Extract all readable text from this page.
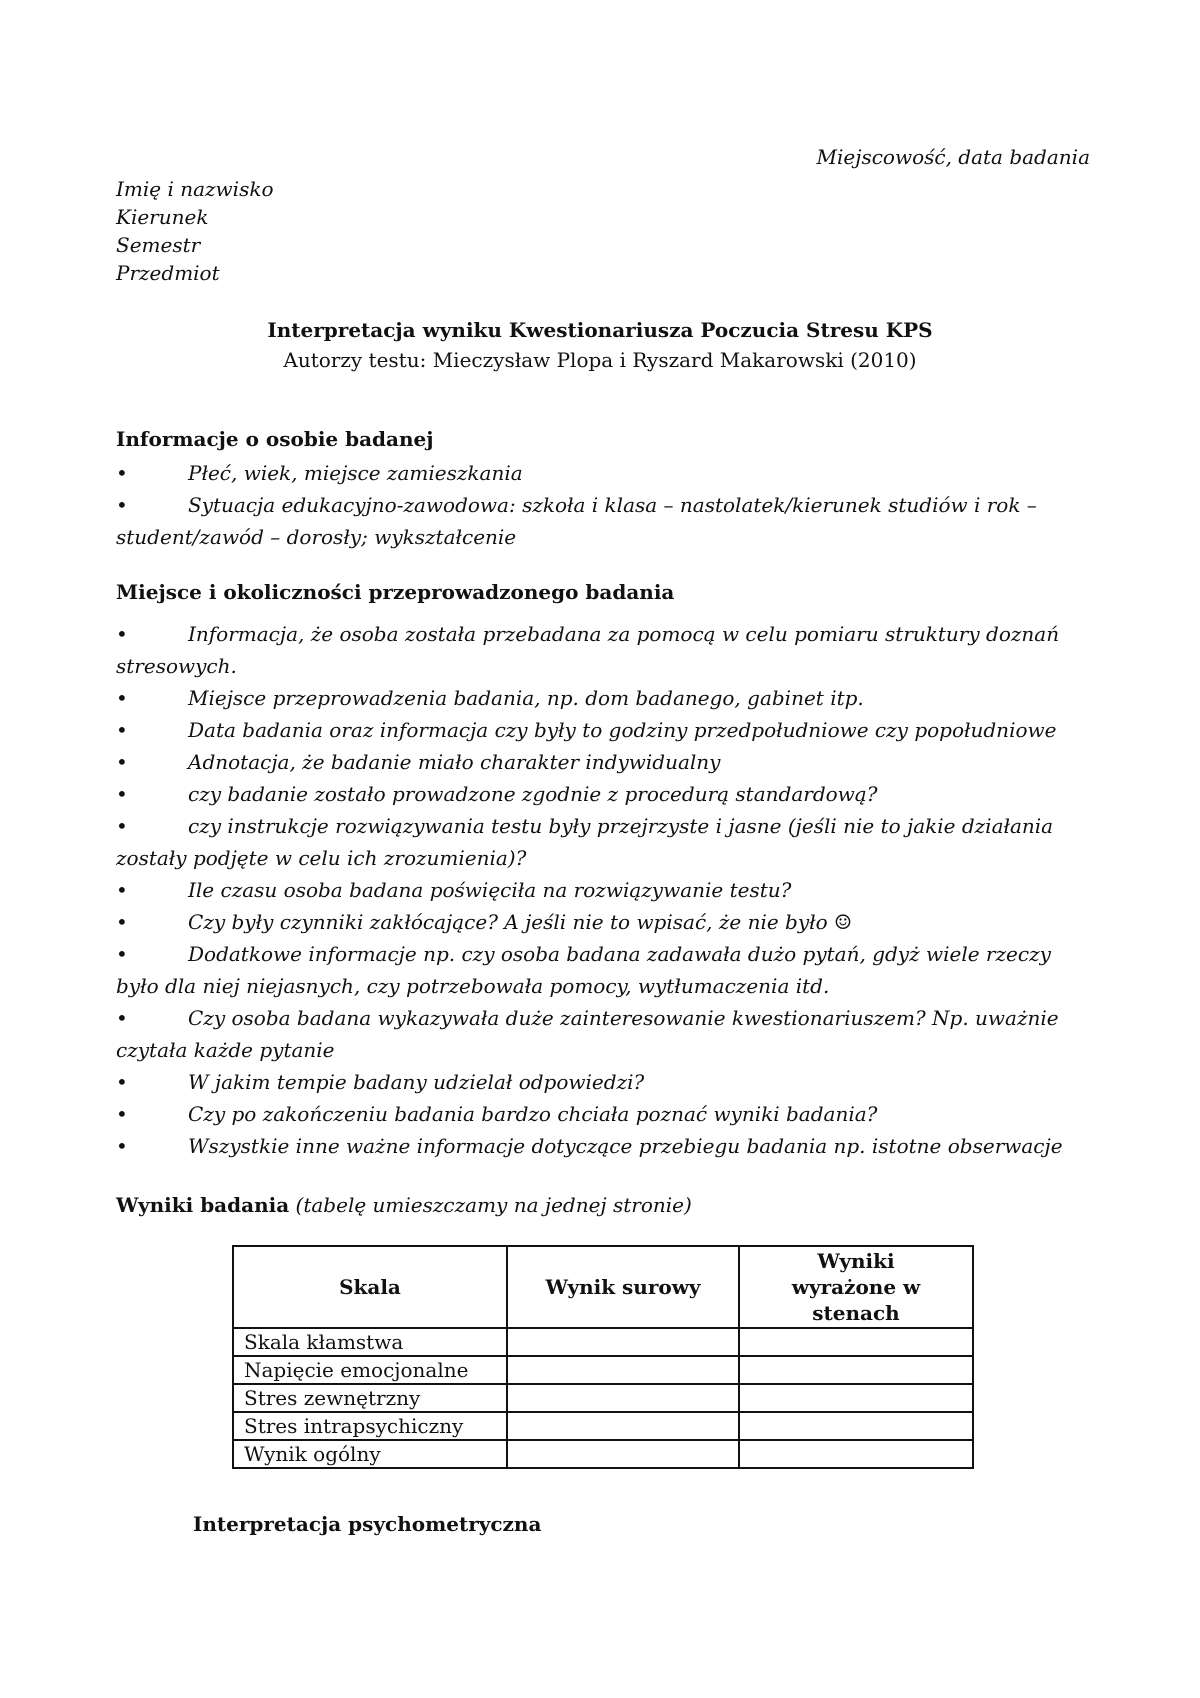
Miejscowość, data badania
Imię i nazwisko
Kierunek
Semestr
Przedmiot
Interpretacja wyniku Kwestionariusza Poczucia Stresu KPS
Autorzy testu: Mieczysław Plopa i Ryszard Makarowski (2010)
Informacje o osobie badanej
•	Płeć, wiek, miejsce zamieszkania
•	Sytuacja edukacyjno-zawodowa: szkoła i klasa – nastolatek/kierunek studiów i rok – student/zawód – dorosły; wykształcenie
Miejsce i okoliczności przeprowadzonego badania
•	Informacja, że osoba została przebadana za pomocą w celu pomiaru struktury doznań stresowych.
•	Miejsce przeprowadzenia badania, np. dom badanego, gabinet itp.
•	Data badania oraz informacja czy były to godziny przedpołudniowe czy popołudniowe
•	Adnotacja, że badanie miało charakter indywidualny
•	czy badanie zostało prowadzone zgodnie z procedurą standardową?
•	czy instrukcje rozwiązywania testu były przejrzyste i jasne (jeśli nie to jakie działania zostały podjęte w celu ich zrozumienia)?
•	Ile czasu osoba badana poświęciła na rozwiązywanie testu?
•	Czy były czynniki zakłócające? A jeśli nie to wpisać, że nie było ☺
•	Dodatkowe informacje np. czy osoba badana zadawała dużo pytań, gdyż wiele rzeczy było dla niej niejasnych, czy potrzebowała pomocy, wytłumaczenia itd.
•	Czy osoba badana wykazywała duże zainteresowanie kwestionariuszem? Np. uważnie czytała każde pytanie
•	W jakim tempie badany udzielał odpowiedzi?
•	Czy po zakończeniu badania bardzo chciała poznać wyniki badania?
•	Wszystkie inne ważne informacje dotyczące przebiegu badania np. istotne obserwacje
Wyniki badania (tabelę umieszczamy na jednej stronie)
Skala	Wynik surowy	Wyniki wyrażone w stenach
Skala kłamstwa		
Napięcie emocjonalne		
Stres zewnętrzny		
Stres intrapsychiczny		
Wynik ogólny		
Interpretacja psychometryczna
